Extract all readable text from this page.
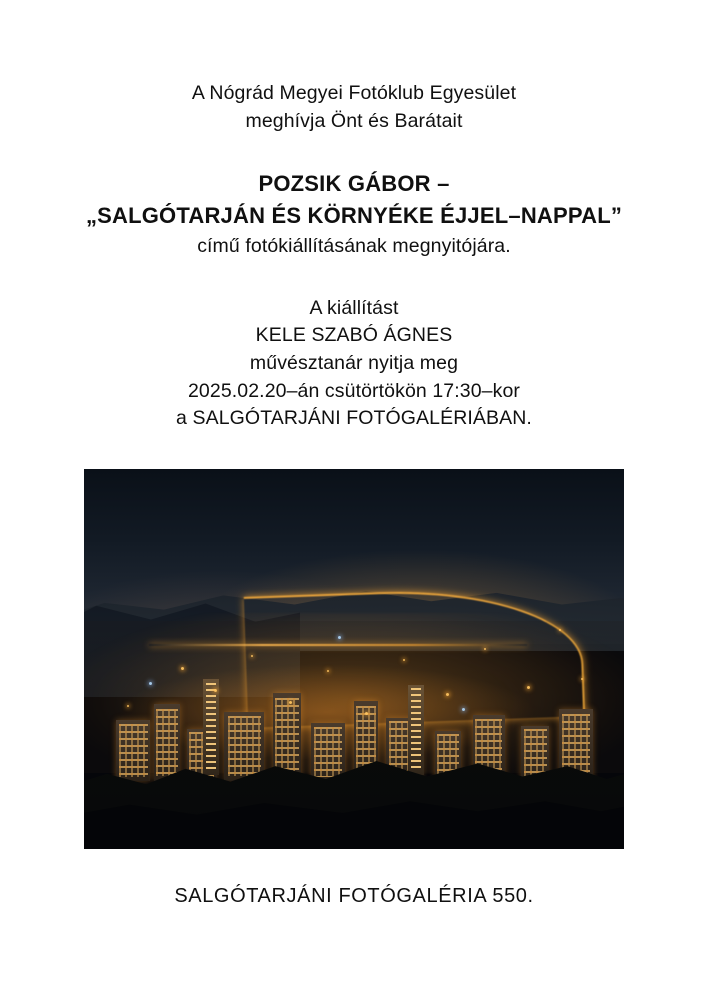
A Nógrád Megyei Fotóklub Egyesület
meghívja Önt és Barátait
POZSIK GÁBOR –
„SALGÓTARJÁN ÉS KÖRNYÉKE ÉJJEL–NAPPAL”
című fotókiállításának megnyitójára.
A kiállítást
KELE SZABÓ ÁGNES
művésztanár nyitja meg
2025.02.20–án csütörtökön 17:30–kor
a SALGÓTARJÁNI FOTÓGALÉRIÁBAN.
SALGÓTARJÁNI FOTÓGALÉRIA 550.
